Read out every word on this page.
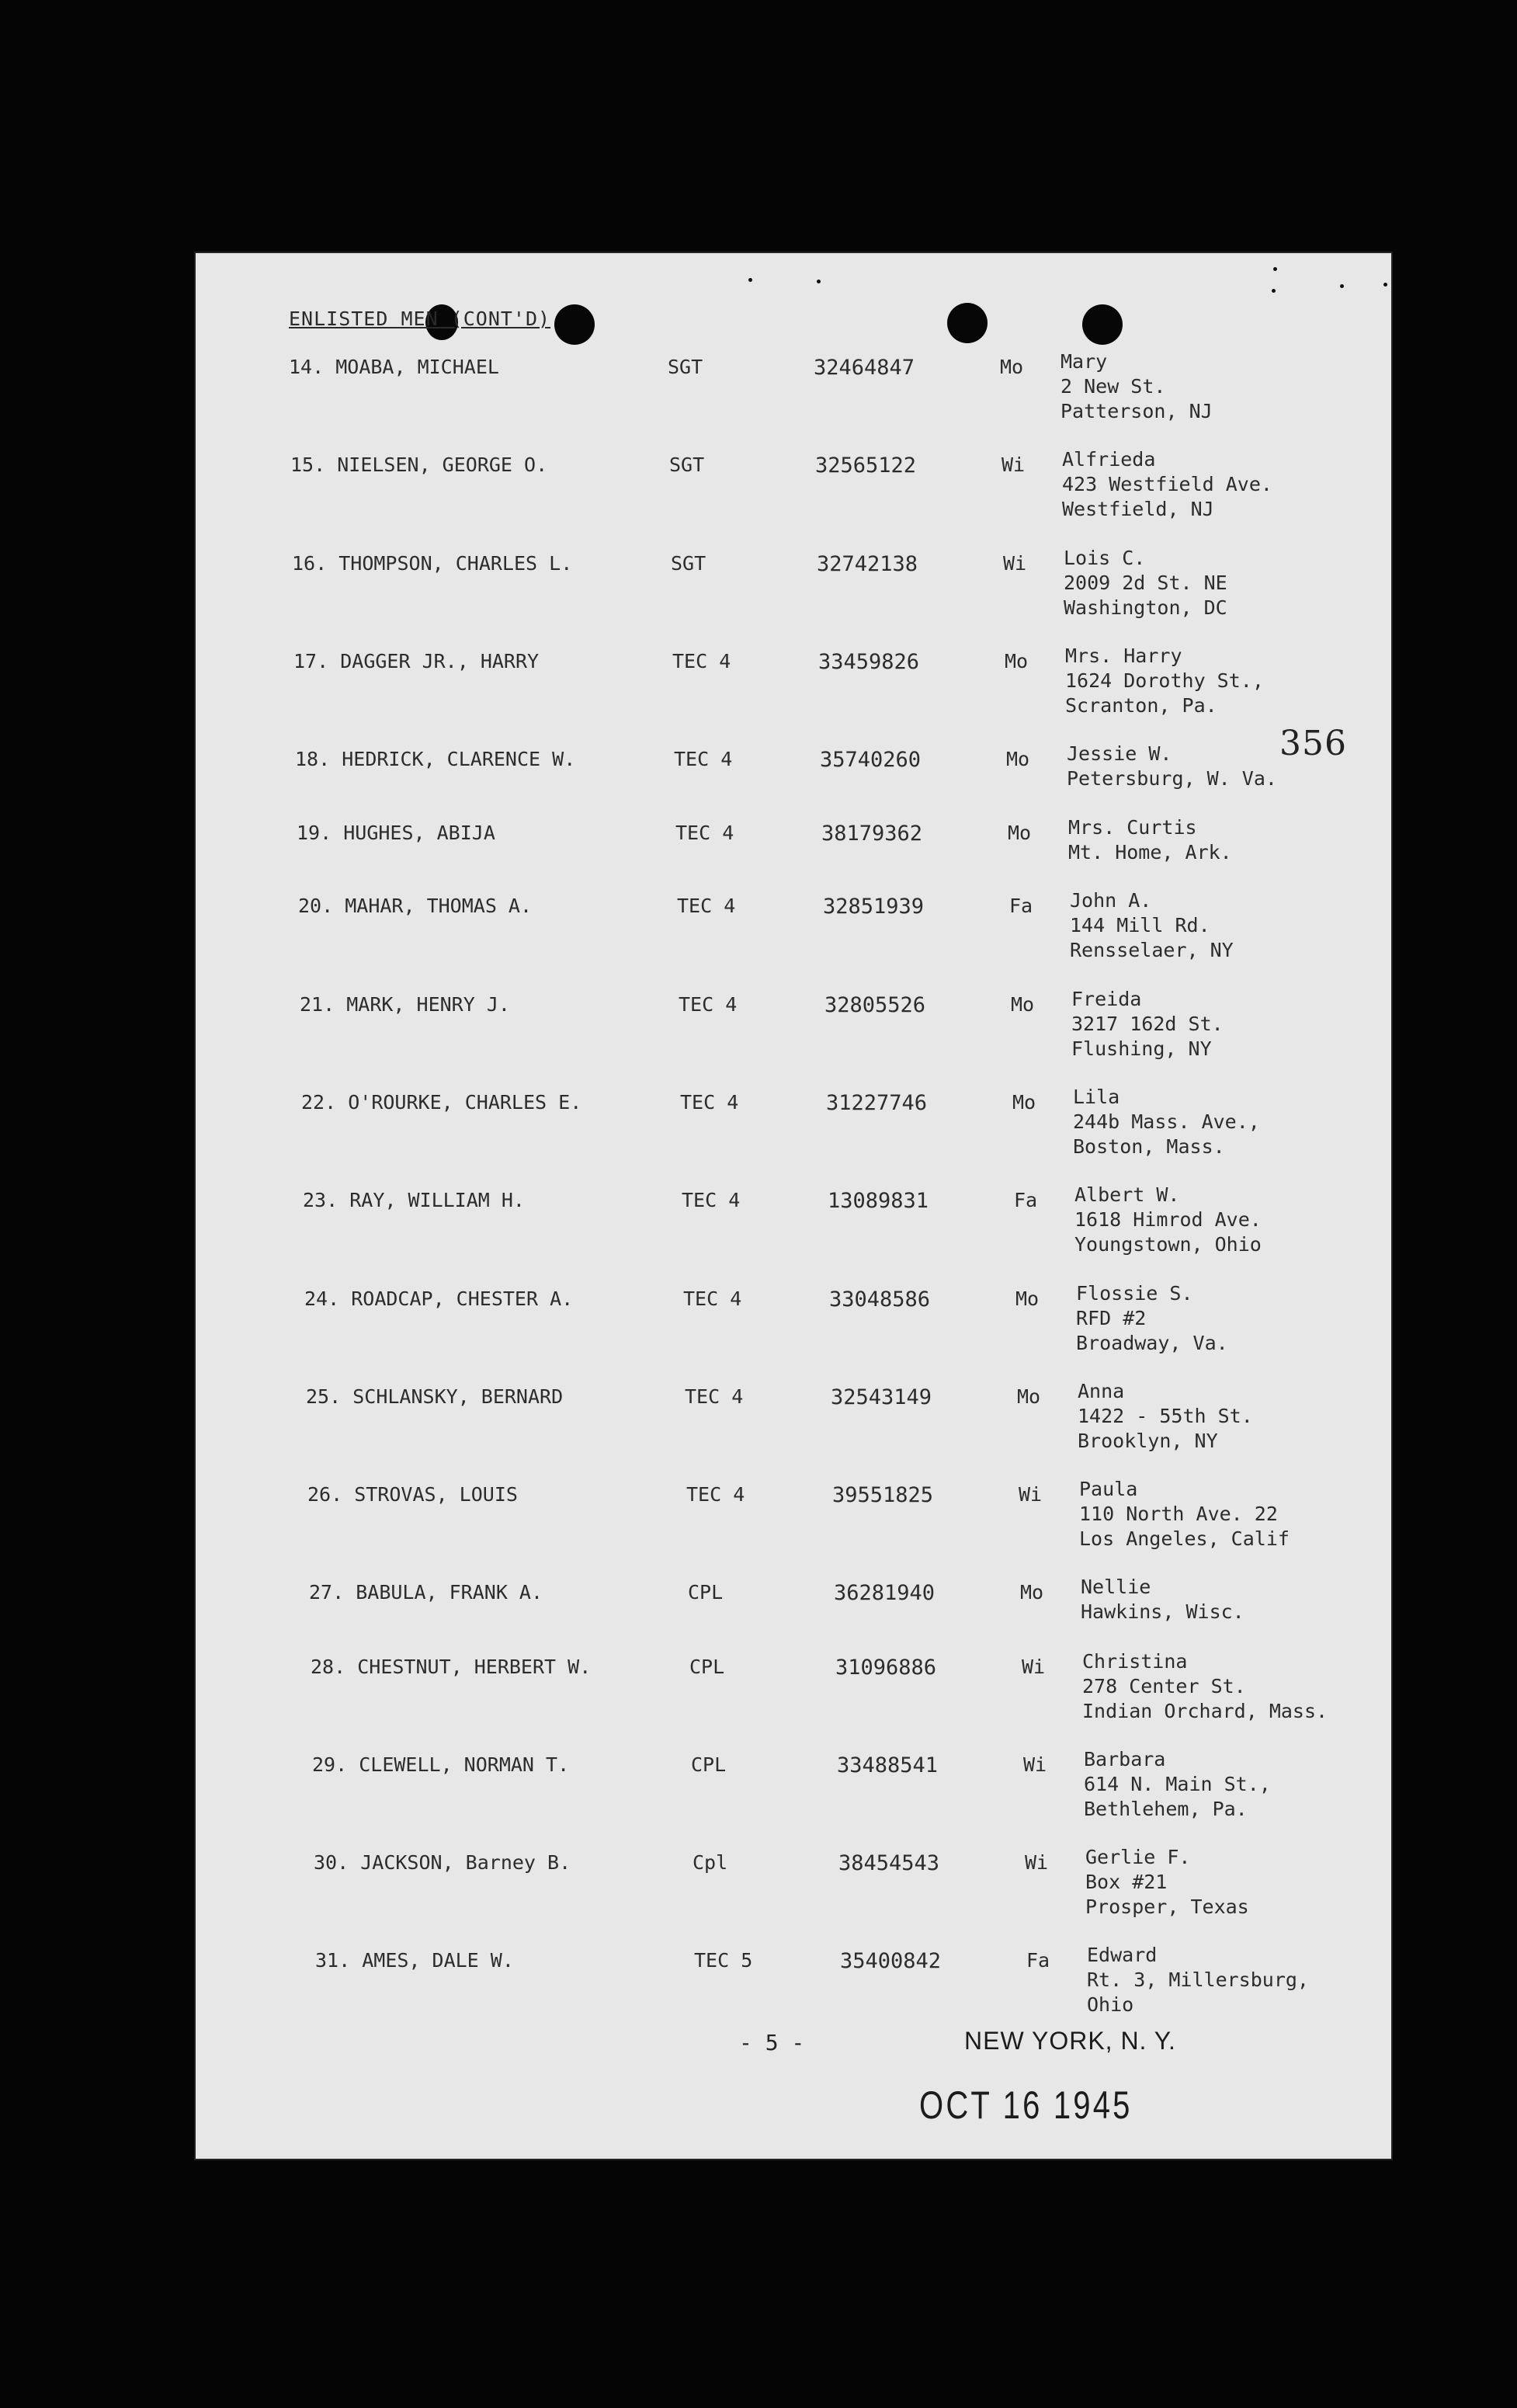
ENLISTED MEN (CONT'D)
14. MOABA, MICHAEL	SGT	32464847	Mo Mary
2 New St.
Patterson, NJ
15. NIELSEN, GEORGE O.	SGT	32565122	Wi Alfrieda
423 Westfield Ave.
Westfield, NJ
16. THOMPSON, CHARLES L.	SGT	32742138	Wi Lois C.
2009 2d St. NE
Washington, DC
17. DAGGER JR., HARRY	TEC 4	33459826	Mo Mrs. Harry
1624 Dorothy St.,
Scranton, Pa.
18. HEDRICK, CLARENCE W.	TEC 4	35740260	Mo Jessie W.
Petersburg, W. Va.
19. HUGHES, ABIJA	TEC 4	38179362	Mo Mrs. Curtis
Mt. Home, Ark.
20. MAHAR, THOMAS A.	TEC 4	32851939	Fa John A.
144 Mill Rd.
Rensselaer, NY
21. MARK, HENRY J.	TEC 4	32805526	Mo Freida
3217 162d St.
Flushing, NY
22. O'ROURKE, CHARLES E.	TEC 4	31227746	Mo Lila
244b Mass. Ave.,
Boston, Mass.
23. RAY, WILLIAM H.	TEC 4	13089831	Fa Albert W.
1618 Himrod Ave.
Youngstown, Ohio
24. ROADCAP, CHESTER A.	TEC 4	33048586	Mo Flossie S.
RFD #2
Broadway, Va.
25. SCHLANSKY, BERNARD	TEC 4	32543149	Mo Anna
1422 - 55th St.
Brooklyn, NY
26. STROVAS, LOUIS	TEC 4	39551825	Wi Paula
110 North Ave. 22
Los Angeles, Calif
27. BABULA, FRANK A.	CPL	36281940	Mo Nellie
Hawkins, Wisc.
28. CHESTNUT, HERBERT W.	CPL	31096886	Wi Christina
278 Center St.
Indian Orchard, Mass.
29. CLEWELL, NORMAN T.	CPL	33488541	Wi Barbara
614 N. Main St.,
Bethlehem, Pa.
30. JACKSON, Barney B.	Cpl	38454543	Wi Gerlie F.
Box #21
Prosper, Texas
31. AMES, DALE W.	TEC 5	35400842	Fa Edward
Rt. 3, Millersburg,
Ohio
356
- 5 -	NEW YORK, N. Y.
OCT 16 1945
